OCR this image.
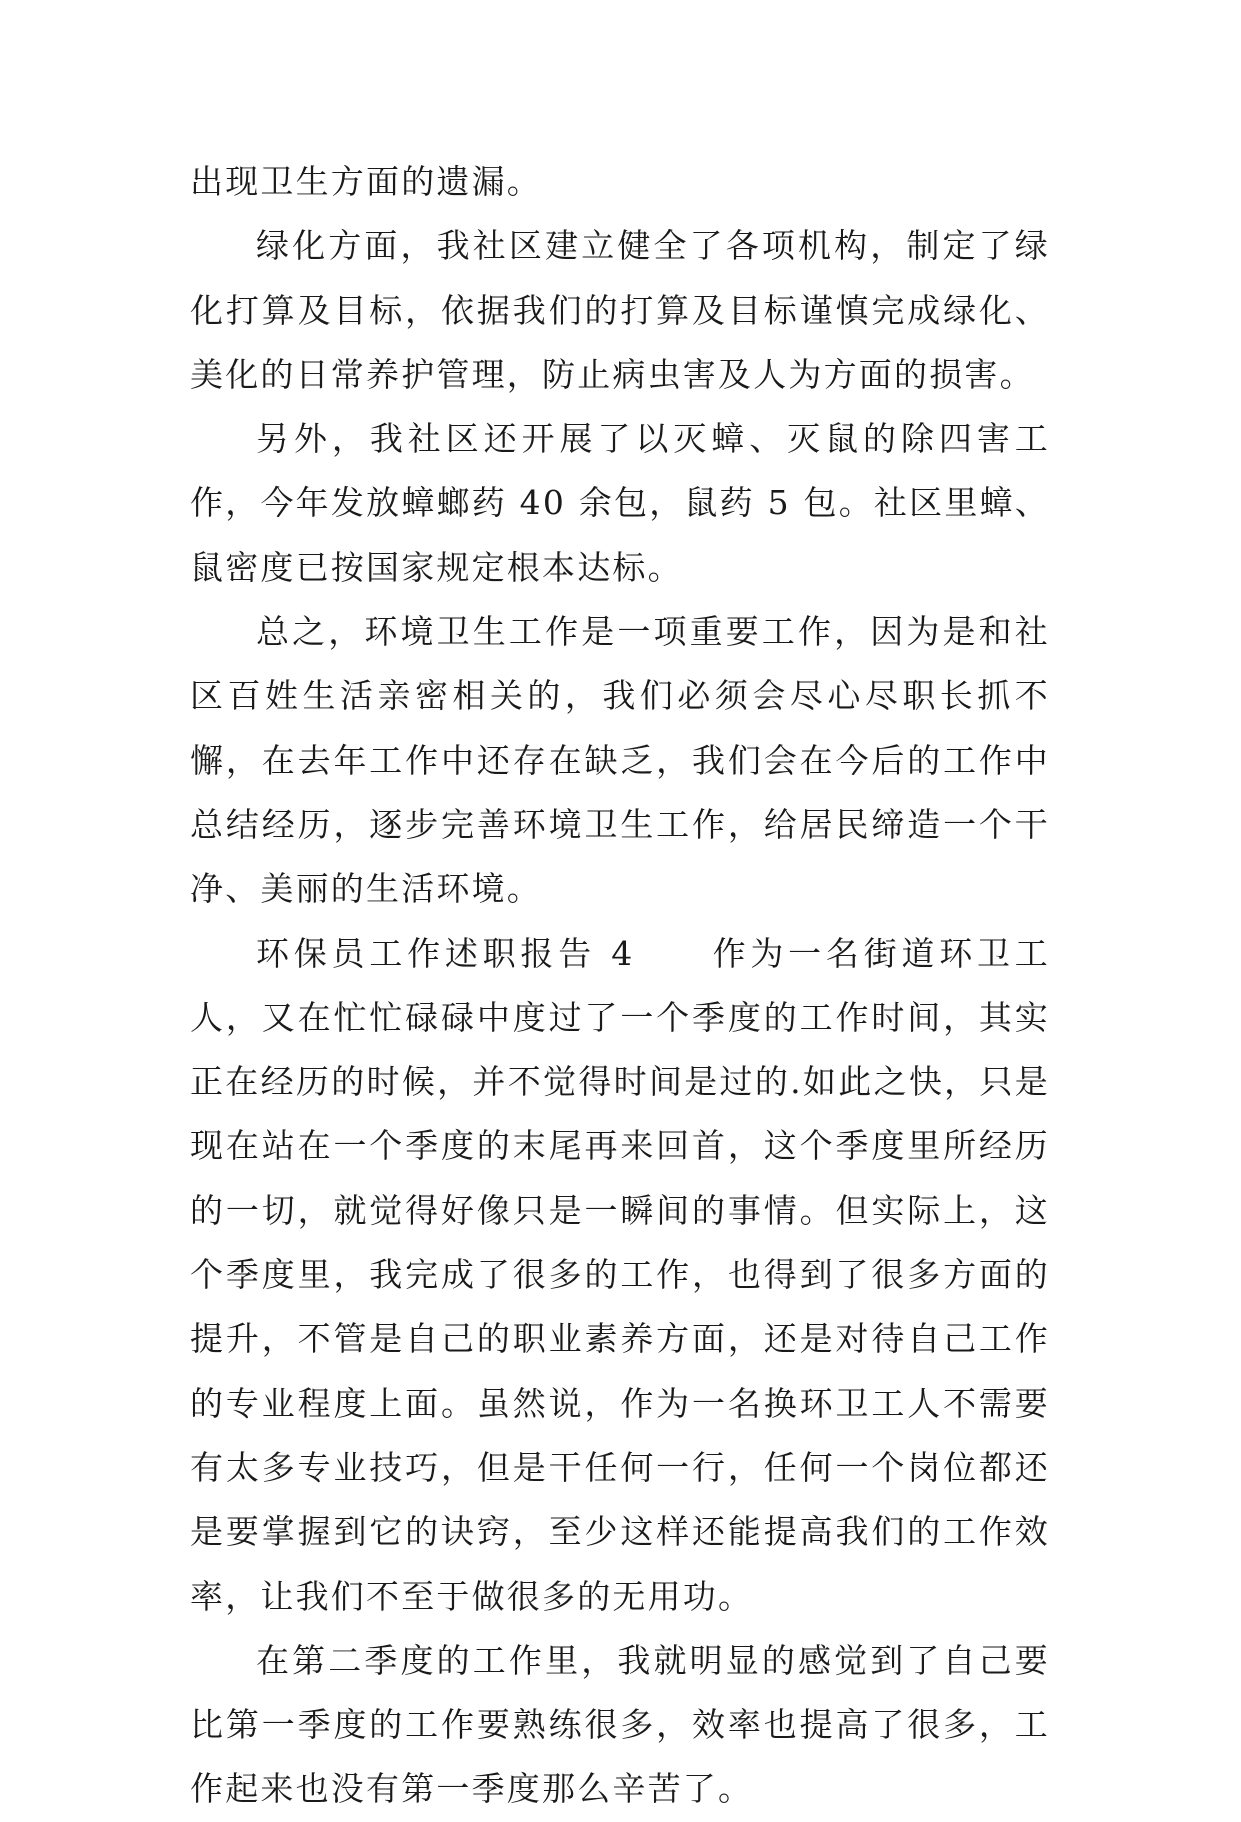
出现卫生方面的遗漏。

绿化方面，我社区建立健全了各项机构，制定了绿化打算及目标，依据我们的打算及目标谨慎完成绿化、美化的日常养护管理，防止病虫害及人为方面的损害。

另外，我社区还开展了以灭蟑、灭鼠的除四害工作，今年发放蟑螂药 40 余包，鼠药 5 包。社区里蟑、鼠密度已按国家规定根本达标。

总之，环境卫生工作是一项重要工作，因为是和社区百姓生活亲密相关的，我们必须会尽心尽职长抓不懈，在去年工作中还存在缺乏，我们会在今后的工作中总结经历，逐步完善环境卫生工作，给居民缔造一个干净、美丽的生活环境。

环保员工作述职报告 4　　作为一名街道环卫工人，又在忙忙碌碌中度过了一个季度的工作时间，其实正在经历的时候，并不觉得时间是过的.如此之快，只是现在站在一个季度的末尾再来回首，这个季度里所经历的一切，就觉得好像只是一瞬间的事情。但实际上，这个季度里，我完成了很多的工作，也得到了很多方面的提升，不管是自己的职业素养方面，还是对待自己工作的专业程度上面。虽然说，作为一名换环卫工人不需要有太多专业技巧，但是干任何一行，任何一个岗位都还是要掌握到它的诀窍，至少这样还能提高我们的工作效率，让我们不至于做很多的无用功。

在第二季度的工作里，我就明显的感觉到了自己要比第一季度的工作要熟练很多，效率也提高了很多，工作起来也没有第一季度那么辛苦了。
